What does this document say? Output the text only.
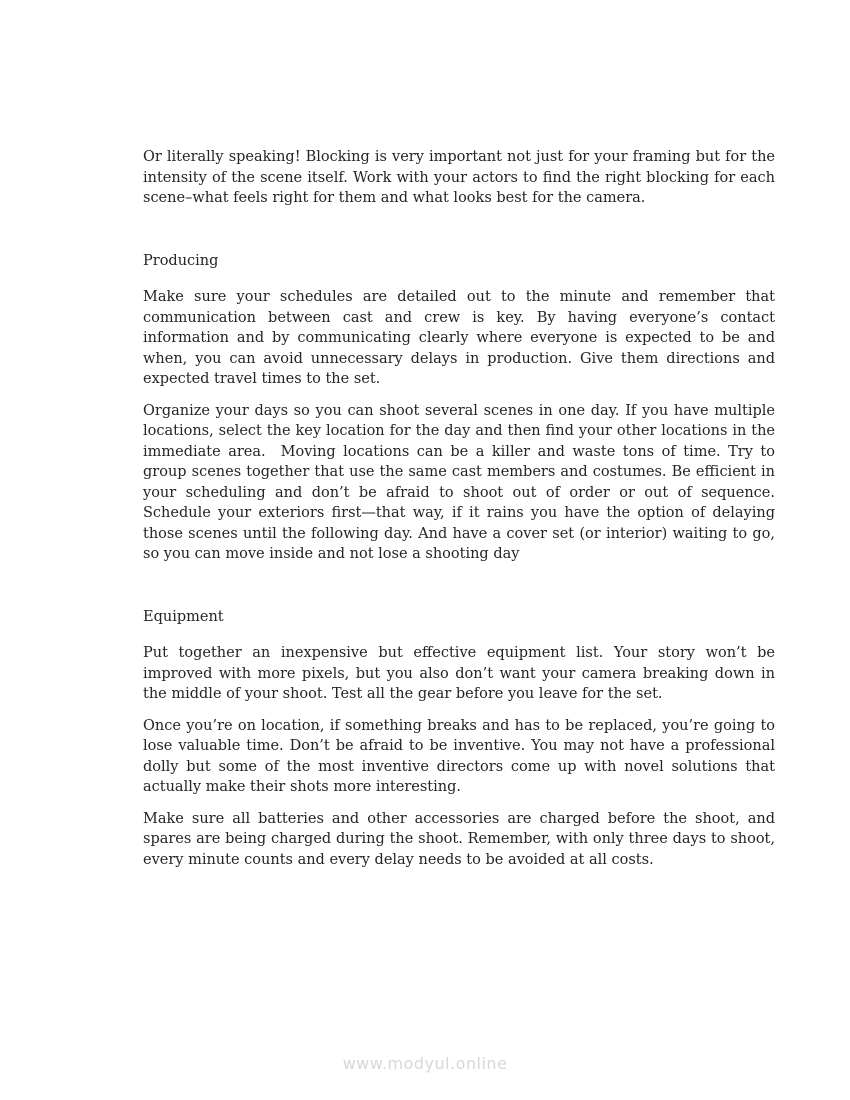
Or literally speaking! Blocking is very important not just for your framing but for the intensity of the scene itself. Work with your actors to find the right blocking for each scene–what feels right for them and what looks best for the camera.

Producing

Make sure your schedules are detailed out to the minute and remember that communication between cast and crew is key. By having everyone’s contact information and by communicating clearly where everyone is expected to be and when, you can avoid unnecessary delays in production. Give them directions and expected travel times to the set.

Organize your days so you can shoot several scenes in one day. If you have multiple locations, select the key location for the day and then find your other locations in the immediate area.  Moving locations can be a killer and waste tons of time. Try to group scenes together that use the same cast members and costumes. Be efficient in your scheduling and don’t be afraid to shoot out of order or out of sequence. Schedule your exteriors first—that way, if it rains you have the option of delaying those scenes until the following day. And have a cover set (or interior) waiting to go, so you can move inside and not lose a shooting day

Equipment

Put together an inexpensive but effective equipment list. Your story won’t be improved with more pixels, but you also don’t want your camera breaking down in the middle of your shoot. Test all the gear before you leave for the set.

Once you’re on location, if something breaks and has to be replaced, you’re going to lose valuable time. Don’t be afraid to be inventive. You may not have a professional dolly but some of the most inventive directors come up with novel solutions that actually make their shots more interesting.

Make sure all batteries and other accessories are charged before the shoot, and spares are being charged during the shoot. Remember, with only three days to shoot, every minute counts and every delay needs to be avoided at all costs.

www.modyul.online
